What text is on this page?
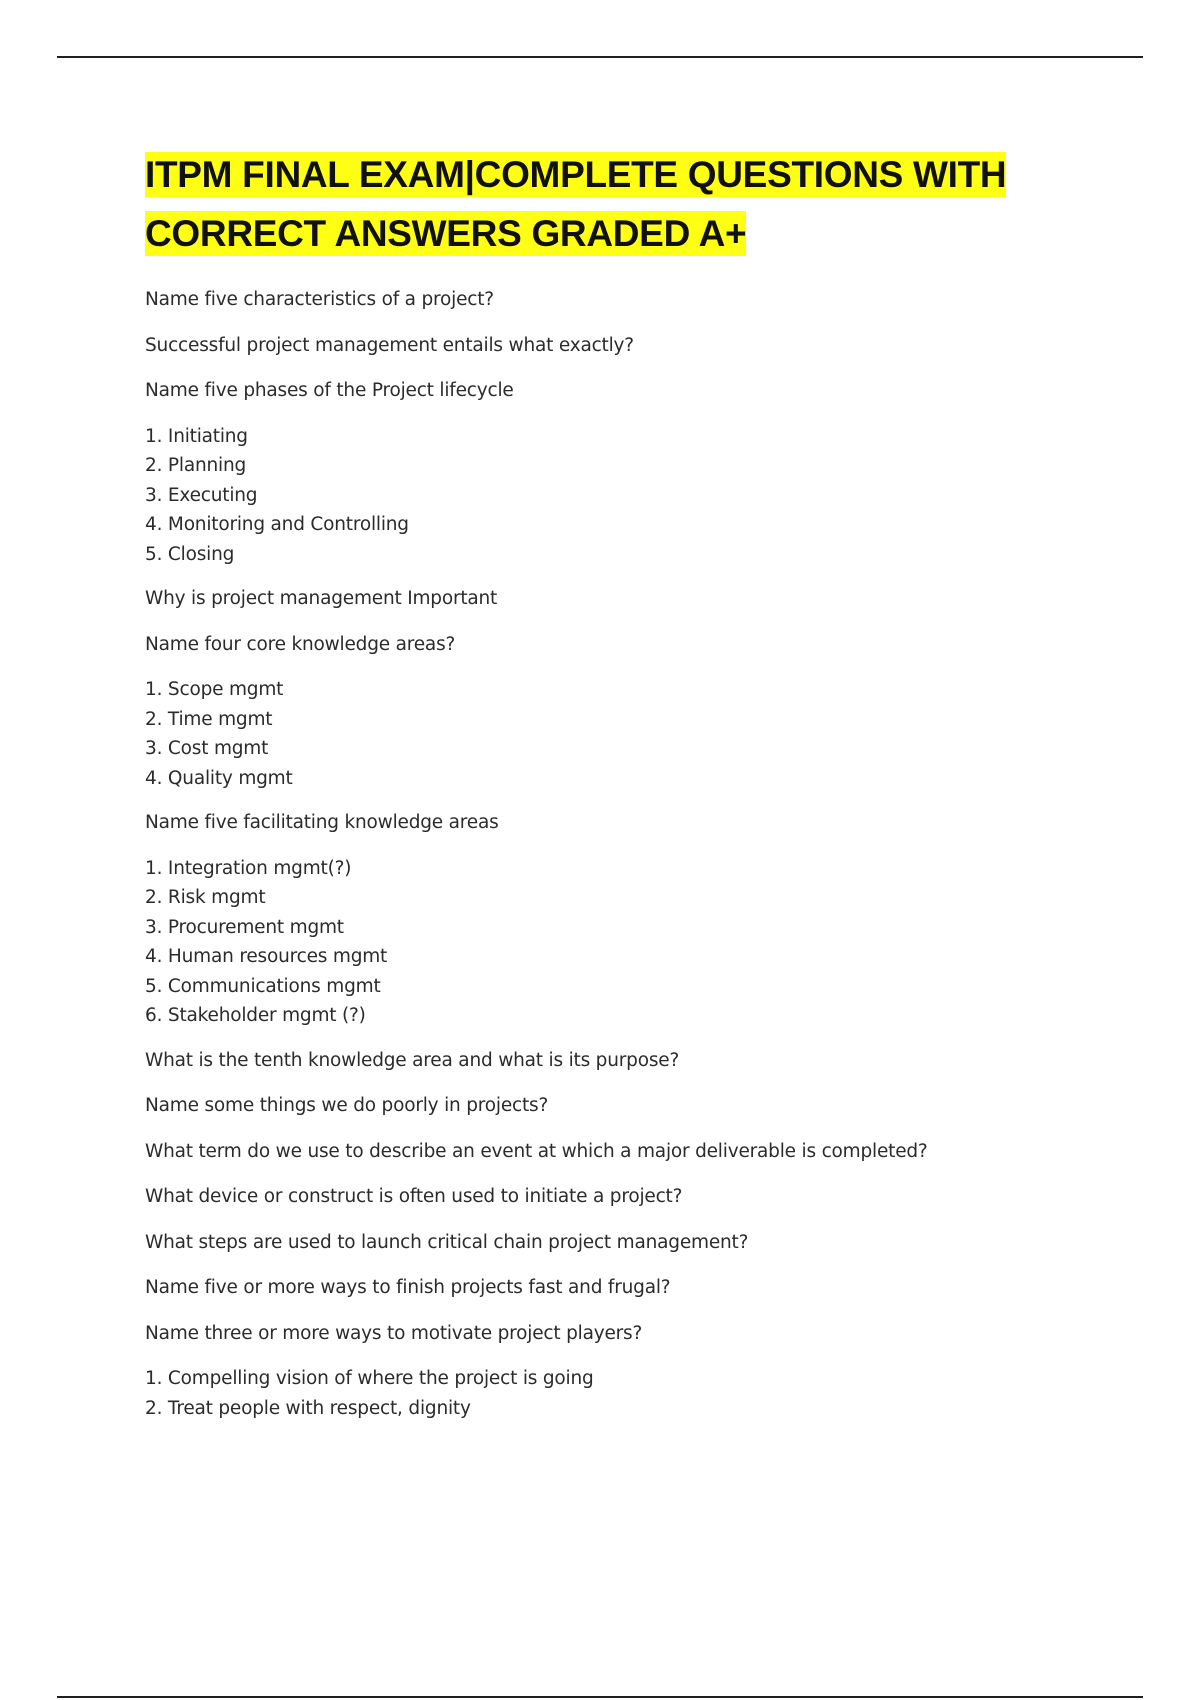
ITPM FINAL EXAM|COMPLETE QUESTIONS WITH CORRECT ANSWERS GRADED A+

Name five characteristics of a project?

Successful project management entails what exactly?

Name five phases of the Project lifecycle

1. Initiating
2. Planning
3. Executing
4. Monitoring and Controlling
5. Closing

Why is project management Important

Name four core knowledge areas?

1. Scope mgmt
2. Time mgmt
3. Cost mgmt
4. Quality mgmt

Name five facilitating knowledge areas

1. Integration mgmt(?)
2. Risk mgmt
3. Procurement mgmt
4. Human resources mgmt
5. Communications mgmt
6. Stakeholder mgmt (?)

What is the tenth knowledge area and what is its purpose?

Name some things we do poorly in projects?

What term do we use to describe an event at which a major deliverable is completed?

What device or construct is often used to initiate a project?

What steps are used to launch critical chain project management?

Name five or more ways to finish projects fast and frugal?

Name three or more ways to motivate project players?

1. Compelling vision of where the project is going
2. Treat people with respect, dignity
